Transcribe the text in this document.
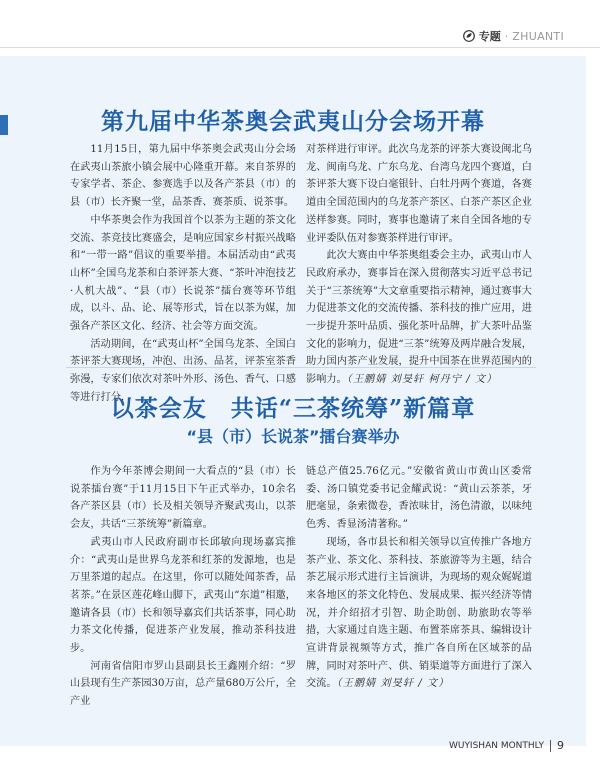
专题 · ZHUANTI
第九届中华茶奥会武夷山分会场开幕

11月15日，第九届中华茶奥会武夷山分会场在武夷山茶旅小镇会展中心隆重开幕。来自茶界的专家学者、茶企、参赛选手以及各产茶县（市）的县（市）长齐聚一堂，品茶香、赛茶质、说茶事。

中华茶奥会作为我国首个以茶为主题的茶文化交流、茶竞技比赛盛会，是响应国家乡村振兴战略和“一带一路”倡议的重要举措。本届活动由“武夷山杯”全国乌龙茶和白茶评茶大赛、“茶叶冲泡技艺·人机大战”、“县（市）长说茶”擂台赛等环节组成，以斗、品、论、展等形式，旨在以茶为媒，加强各产茶区文化、经济、社会等方面交流。

活动期间，在“武夷山杯”全国乌龙茶、全国白茶评茶大赛现场，冲泡、出汤、品茗，评茶室茶香弥漫，专家们依次对茶叶外形、汤色、香气、口感等进行打分，

对茶样进行审评。此次乌龙茶的评茶大赛设闽北乌龙、闽南乌龙、广东乌龙、台湾乌龙四个赛道，白茶评茶大赛下设白毫银针、白牡丹两个赛道，各赛道由全国范围内的乌龙茶产茶区、白茶产茶区企业送样参赛。同时，赛事也邀请了来自全国各地的专业评委队伍对参赛茶样进行审评。

此次大赛由中华茶奥组委会主办，武夷山市人民政府承办，赛事旨在深入贯彻落实习近平总书记关于“三茶统筹”大文章重要指示精神，通过赛事大力促进茶文化的交流传播、茶科技的推广应用，进一步提升茶叶品质、强化茶叶品牌，扩大茶叶品鉴文化的影响力，促进“三茶”统筹及两岸融合发展，助力国内茶产业发展，提升中国茶在世界范围内的影响力。（王鹏婧 刘旻轩 柯丹宁 / 文）

以茶会友　共话“三茶统筹”新篇章
“县（市）长说茶”擂台赛举办

作为今年茶博会期间一大看点的“县（市）长说茶擂台赛”于11月15日下午正式举办，10余名各产茶区县（市）长及相关领导齐聚武夷山，以茶会友，共话“三茶统筹”新篇章。

武夷山市人民政府副市长邱敏向现场嘉宾推介：“武夷山是世界乌龙茶和红茶的发源地，也是万里茶道的起点。在这里，你可以随处闻茶香，品茗茶。”在景区莲花峰山脚下，武夷山“东道”相邀，邀请各县（市）长和领导嘉宾们共话茶事，同心助力茶文化传播，促进茶产业发展，推动茶科技进步。

河南省信阳市罗山县副县长王鑫刚介绍：“罗山县现有生产茶园30万亩，总产量680万公斤，全产业

链总产值25.76亿元。”安徽省黄山市黄山区委常委、汤口镇党委书记金耀武说：“黄山云茶茶，牙肥毫显，条索微卷，香浓味甘，汤色清澈，以味纯色秀、香显汤清著称。”

现场，各市县长和相关领导以宣传推广各地方茶产业、茶文化、茶科技、茶旅游等为主题，结合茶艺展示形式进行主旨演讲，为现场的观众娓娓道来各地区的茶文化特色、发展成果、振兴经济等情况，并介绍招才引智、助企助创、助旅助农等举措，大家通过自选主题、布置茶席茶具、编辑设计宣讲背景视频等方式，推广各自所在区域茶的品牌，同时对茶叶产、供、销渠道等方面进行了深入交流。（王鹏婧 刘旻轩 / 文）

WUYISHAN MONTHLY 9
